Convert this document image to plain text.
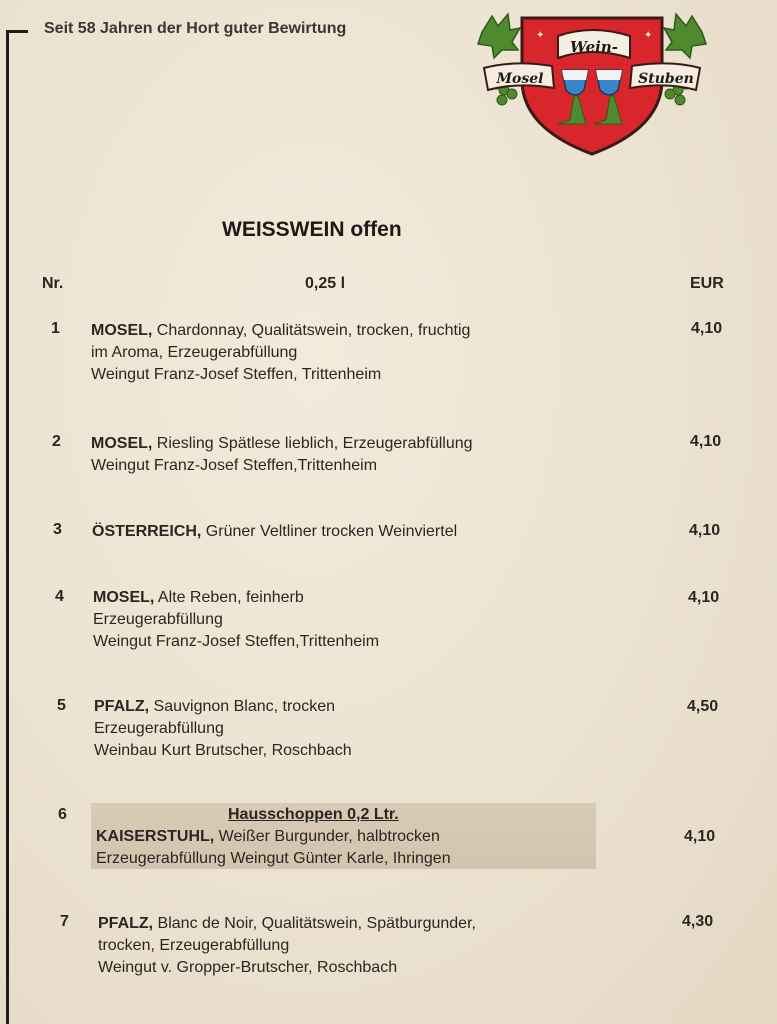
Seit 58 Jahren der Hort guter Bewirtung
Wein-
Mosel	Stuben
✦	✦
WEISSWEIN offen
Nr.	0,25 l	EUR
1 MOSEL, Chardonnay, Qualitätswein, trocken, fruchtig
im Aroma, Erzeugerabfüllung
Weingut Franz-Josef Steffen, Trittenheim
4,10
2 MOSEL, Riesling Spätlese lieblich, Erzeugerabfüllung
Weingut Franz-Josef Steffen,Trittenheim
4,10
3 ÖSTERREICH, Grüner Veltliner trocken Weinviertel	4,10
4 MOSEL, Alte Reben, feinherb
Erzeugerabfüllung
Weingut Franz-Josef Steffen,Trittenheim
4,10
5 PFALZ, Sauvignon Blanc, trocken
Erzeugerabfüllung
Weinbau Kurt Brutscher, Roschbach
4,50
6	Hausschoppen 0,2 Ltr.
KAISERSTUHL, Weißer Burgunder, halbtrocken
Erzeugerabfüllung Weingut Günter Karle, Ihringen
4,10
7 PFALZ, Blanc de Noir, Qualitätswein, Spätburgunder,
trocken, Erzeugerabfüllung
Weingut v. Gropper-Brutscher, Roschbach
4,30
